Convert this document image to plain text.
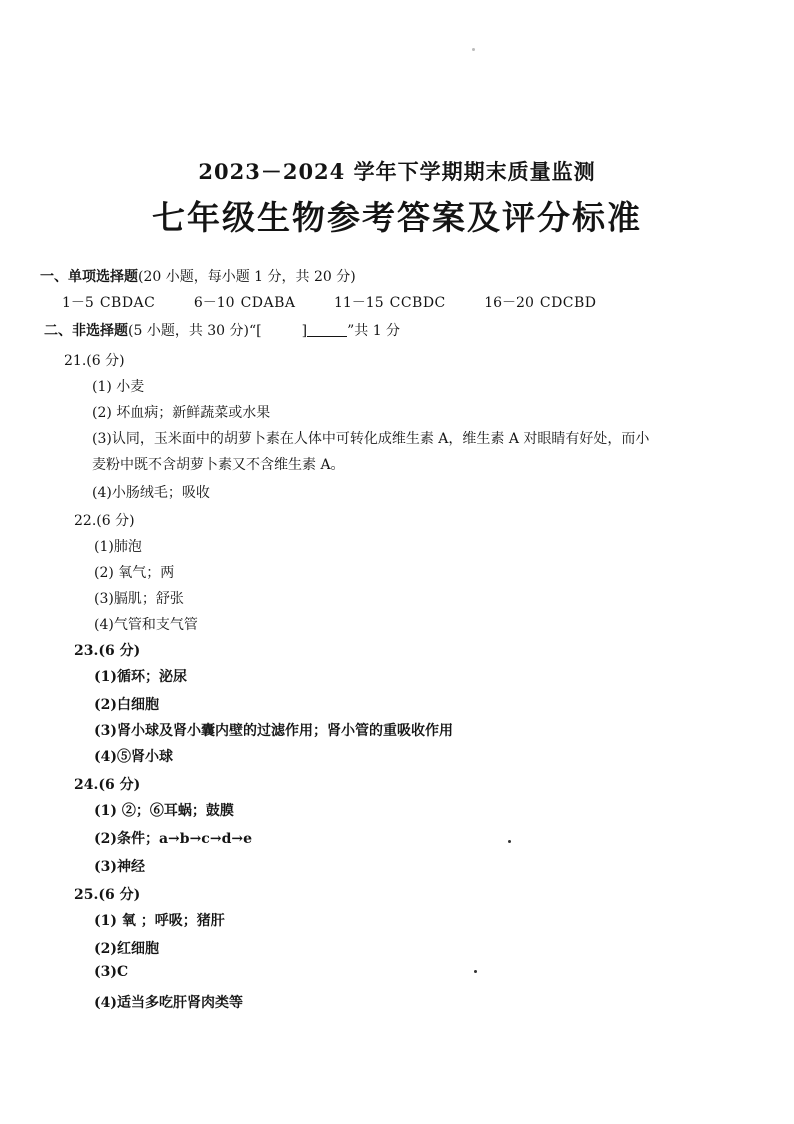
2023－2024 学年下学期期末质量监测
七年级生物参考答案及评分标准
一、单项选择题(20 小题，每小题 1 分，共 20 分)
1－5 CBDAC	6－10 CDABA	11－15 CCBDC	16－20 CDCBD
二、非选择题(5 小题，共 30 分)“[	]	”共 1 分
21.(6 分)
(1) 小麦
(2) 坏血病；新鲜蔬菜或水果
(3)认同，玉米面中的胡萝卜素在人体中可转化成维生素 A，维生素 A 对眼睛有好处，而小
麦粉中既不含胡萝卜素又不含维生素 A。
(4)小肠绒毛；吸收
22.(6 分)
(1)肺泡
(2) 氧气；两
(3)膈肌；舒张
(4)气管和支气管
23.(6 分)
(1)循环；泌尿
(2)白细胞
(3)肾小球及肾小囊内壁的过滤作用；肾小管的重吸收作用
(4)⑤肾小球
24.(6 分)
(1) ②；⑥耳蜗；鼓膜
(2)条件；a→b→c→d→e
(3)神经
25.(6 分)
(1) 氧 ；呼吸；猪肝
(2)红细胞
(3)C
(4)适当多吃肝肾肉类等
